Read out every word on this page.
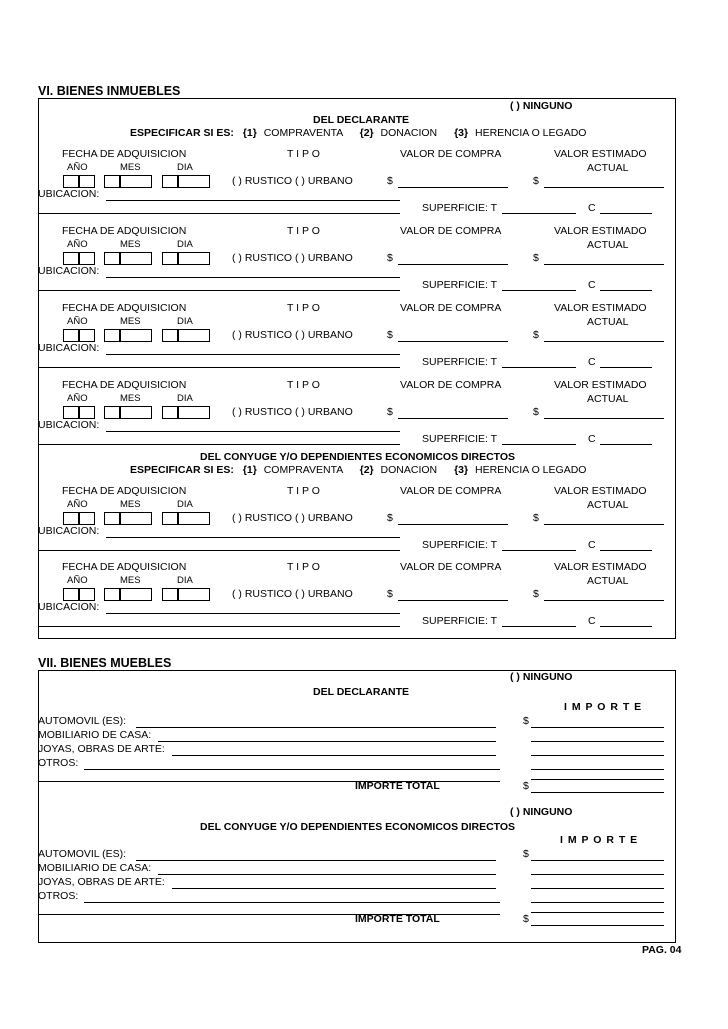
VI. BIENES INMUEBLES
( ) NINGUNO
DEL DECLARANTE
ESPECIFICAR SI ES: {1} COMPRAVENTA {2} DONACION {3} HERENCIA O LEGADO
FECHA DE ADQUISICION	T I P O	VALOR DE COMPRA	VALOR ESTIMADO
AÑO	MES	DIA	ACTUAL
( ) RUSTICO ( ) URBANO	$	$
UBICACION:
SUPERFICIE: T	C
FECHA DE ADQUISICION	T I P O	VALOR DE COMPRA	VALOR ESTIMADO
AÑO	MES	DIA	ACTUAL
( ) RUSTICO ( ) URBANO	$	$
UBICACION:
SUPERFICIE: T	C
FECHA DE ADQUISICION	T I P O	VALOR DE COMPRA	VALOR ESTIMADO
AÑO	MES	DIA	ACTUAL
( ) RUSTICO ( ) URBANO	$	$
UBICACION:
SUPERFICIE: T	C
FECHA DE ADQUISICION	T I P O	VALOR DE COMPRA	VALOR ESTIMADO
AÑO	MES	DIA	ACTUAL
( ) RUSTICO ( ) URBANO	$	$
UBICACION:
SUPERFICIE: T	C
DEL CONYUGE Y/O DEPENDIENTES ECONOMICOS DIRECTOS
ESPECIFICAR SI ES: {1} COMPRAVENTA {2} DONACION {3} HERENCIA O LEGADO
FECHA DE ADQUISICION	T I P O	VALOR DE COMPRA	VALOR ESTIMADO
AÑO	MES	DIA	ACTUAL
( ) RUSTICO ( ) URBANO	$	$
UBICACION:
SUPERFICIE: T	C
FECHA DE ADQUISICION	T I P O	VALOR DE COMPRA	VALOR ESTIMADO
AÑO	MES	DIA	ACTUAL
( ) RUSTICO ( ) URBANO	$	$
UBICACION:
SUPERFICIE: T	C
VII. BIENES MUEBLES
( ) NINGUNO
DEL DECLARANTE
I M P O R T E
AUTOMOVIL (ES):	$
MOBILIARIO DE CASA:
JOYAS, OBRAS DE ARTE:
OTROS:
IMPORTE TOTAL	$
( ) NINGUNO
DEL CONYUGE Y/O DEPENDIENTES ECONOMICOS DIRECTOS
I M P O R T E
AUTOMOVIL (ES):	$
MOBILIARIO DE CASA:
JOYAS, OBRAS DE ARTE:
OTROS:
IMPORTE TOTAL	$
PAG. 04
